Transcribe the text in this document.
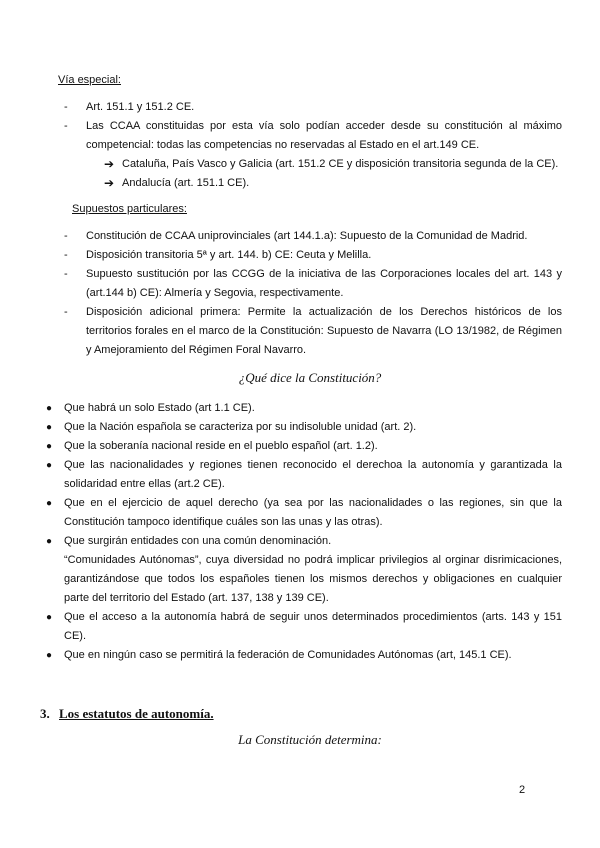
Vía especial:
- Art. 151.1 y 151.2 CE.
- Las CCAA constituidas por esta vía solo podían acceder desde su constitución al máximo competencial: todas las competencias no reservadas al Estado en el art.149 CE.
➔ Cataluña, País Vasco y Galicia (art. 151.2 CE y disposición transitoria segunda de la CE).
➔ Andalucía (art. 151.1 CE).
Supuestos particulares:
- Constitución de CCAA uniprovinciales (art 144.1.a): Supuesto de la Comunidad de Madrid.
- Disposición transitoria 5ª y art. 144. b) CE: Ceuta y Melilla.
- Supuesto sustitución por las CCGG de la iniciativa de las Corporaciones locales del art. 143 y (art.144 b) CE): Almería y Segovia, respectivamente.
- Disposición adicional primera: Permite la actualización de los Derechos históricos de los territorios forales en el marco de la Constitución: Supuesto de Navarra (LO 13/1982, de Régimen y Amejoramiento del Régimen Foral Navarro.
¿Qué dice la Constitución?
● Que habrá un solo Estado (art 1.1 CE).
● Que la Nación española se caracteriza por su indisoluble unidad (art. 2).
● Que la soberanía nacional reside en el pueblo español (art. 1.2).
● Que las nacionalidades y regiones tienen reconocido el derechoa la autonomía y garantizada la solidaridad entre ellas (art.2 CE).
● Que en el ejercicio de aquel derecho (ya sea por las nacionalidades o las regiones, sin que la Constitución tampoco identifique cuáles son las unas y las otras).
● Que surgirán entidades con una común denominación.
“Comunidades Autónomas”, cuya diversidad no podrá implicar privilegios al orginar disrimicaciones, garantizándose que todos los españoles tienen los mismos derechos y obligaciones en cualquier parte del territorio del Estado (art. 137, 138 y 139 CE).
● Que el acceso a la autonomía habrá de seguir unos determinados procedimientos (arts. 143 y 151 CE).
● Que en ningún caso se permitirá la federación de Comunidades Autónomas (art, 145.1 CE).
3. Los estatutos de autonomía.
La Constitución determina:
2
